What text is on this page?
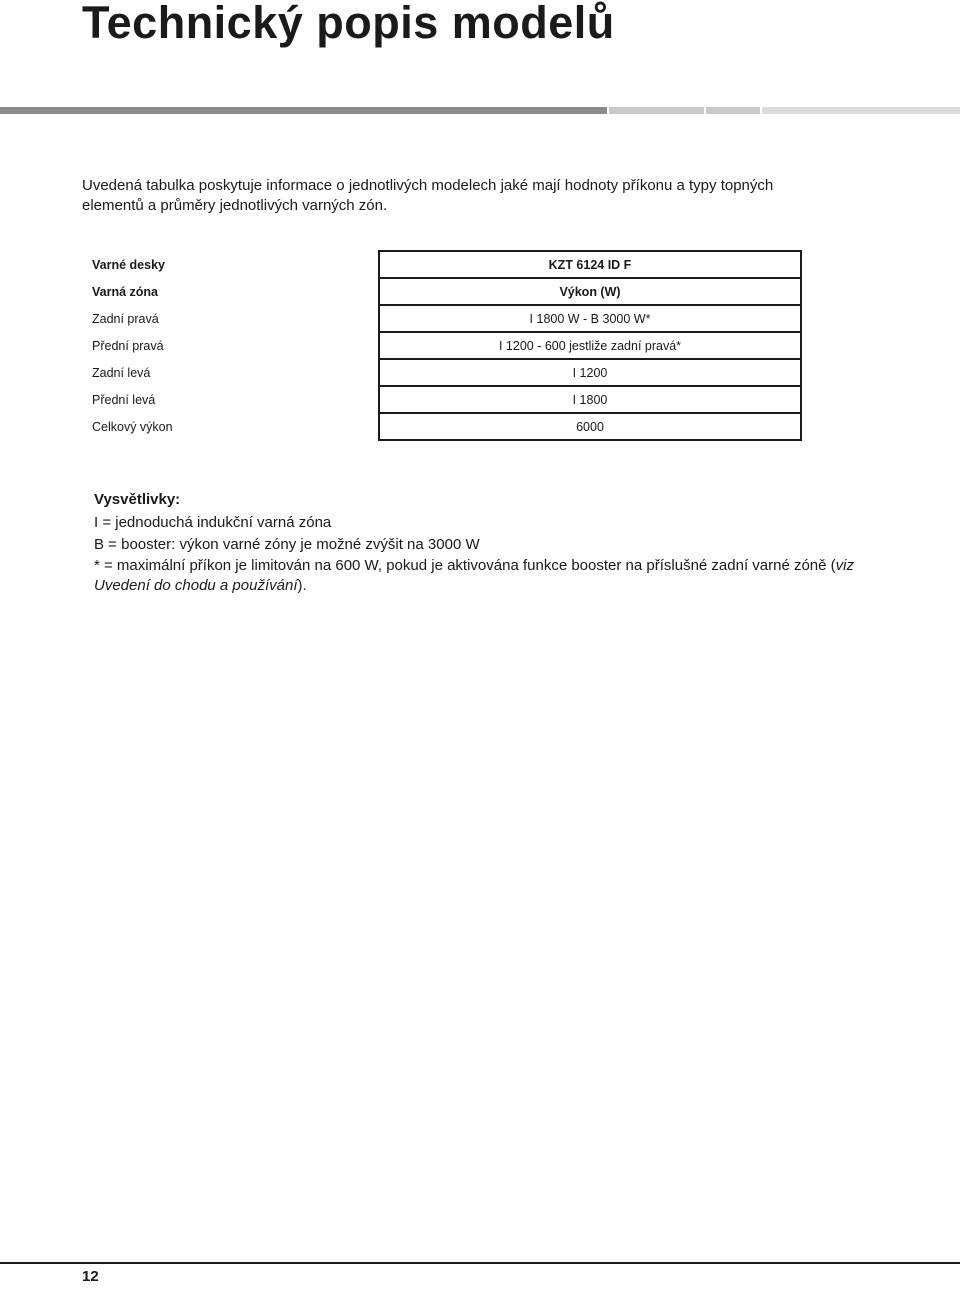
Technický popis modelů

Uvedená tabulka poskytuje informace o jednotlivých modelech jaké mají hodnoty příkonu a typy topných
elementů a průměry jednotlivých varných zón.

Varné desky	KZT 6124 ID F
Varná zóna	Výkon (W)
Zadní pravá	I 1800 W - B 3000 W*
Přední pravá	I 1200 - 600 jestliže zadní pravá*
Zadní levá	I 1200
Přední levá	I 1800
Celkový výkon	6000

Vysvětlivky:

I = jednoduchá indukční varná zóna

B = booster: výkon varné zóny je možné zvýšit na 3000 W

* = maximální příkon je limitován na 600 W, pokud je aktivována funkce booster na příslušné zadní varné zóně (viz Uvedení do chodu a používání).

12
